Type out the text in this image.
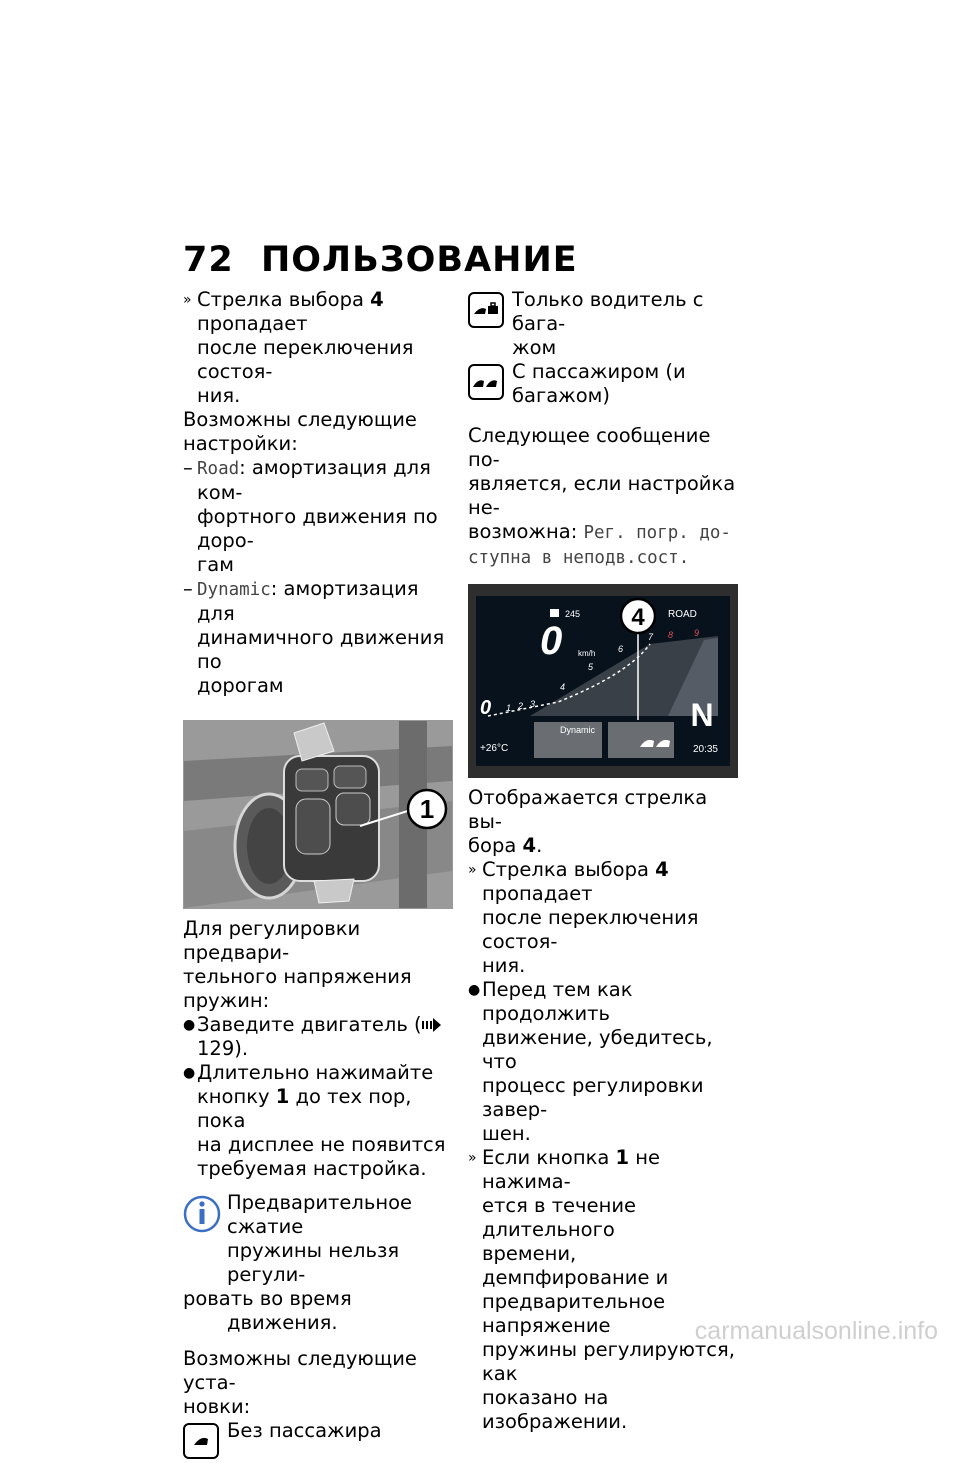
72 ПОЛЬЗОВАНИЕ
» Стрелка выбора 4 пропадает
после переключения состоя-
ния.

Возможны следующие
настройки:

– Road: амортизация для ком-
фортного движения по доро-
гам
– Dynamic: амортизация для
динамичного движения по
дорогам
1

Для регулировки предвари-
тельного напряжения пружин:

● Заведите двигатель ( 129).
● Длительно нажимайте
кнопку 1 до тех пор, пока
на дисплее не появится
требуемая настройка.
Предварительное сжатие
пружины нельзя регули-
ровать во время движения.

Возможны следующие уста-
новки:

Без пассажира
Только водитель с бага-
жом
С пассажиром (и багажом)

Следующее сообщение по-
является, если настройка не-
возможна: Рег. погр. до-
ступна в неподв.сост.

245	ROAD
0 km/h
1 2 3
4
5
6
7 8 9
0
+26°C
Dynamic	N
20:35
4

Отображается стрелка вы-
бора 4.

» Стрелка выбора 4 пропадает
после переключения состоя-
ния.
● Перед тем как продолжить
движение, убедитесь, что
процесс регулировки завер-
шен.
» Если кнопка 1 не нажима-
ется в течение длительного
времени, демпфирование и
предварительное напряжение
пружины регулируются, как
показано на изображении.
carmanualsonline.info
